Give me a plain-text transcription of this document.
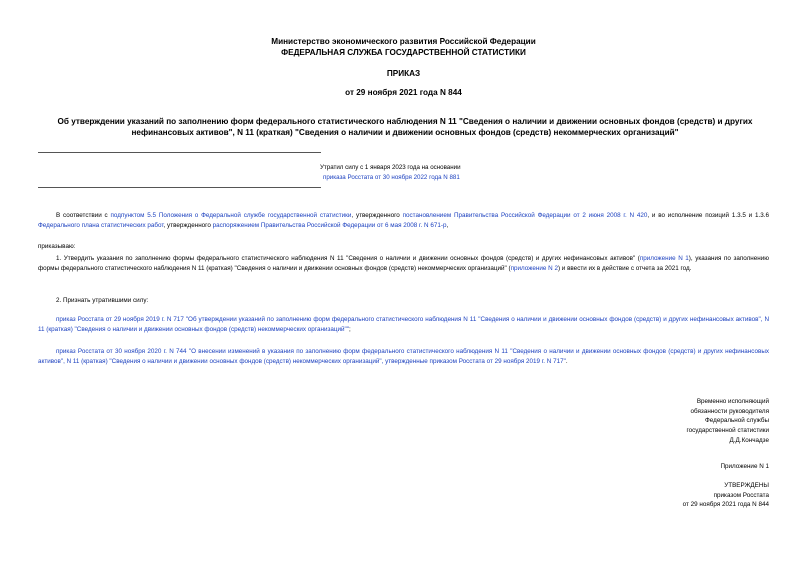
Министерство экономического развития Российской Федерации
ФЕДЕРАЛЬНАЯ СЛУЖБА ГОСУДАРСТВЕННОЙ СТАТИСТИКИ
ПРИКАЗ
от 29 ноября 2021 года N 844
Об утверждении указаний по заполнению форм федерального статистического наблюдения N 11 "Сведения о наличии и движении основных фондов (средств) и других нефинансовых активов", N 11 (краткая) "Сведения о наличии и движении основных фондов (средств) некоммерческих организаций"
Утратил силу с 1 января 2023 года на основании
приказа Росстата от 30 ноября 2022 года N 881
В соответствии с подпунктом 5.5 Положения о Федеральной службе государственной статистики, утвержденного постановлением Правительства Российской Федерации от 2 июня 2008 г. N 420, и во исполнение позиций 1.3.5 и 1.3.6 Федерального плана статистических работ, утвержденного распоряжением Правительства Российской Федерации от 6 мая 2008 г. N 671-р,
приказываю:
1. Утвердить указания по заполнению формы федерального статистического наблюдения N 11 "Сведения о наличии и движении основных фондов (средств) и других нефинансовых активов" (приложение N 1), указания по заполнению формы федерального статистического наблюдения N 11 (краткая) "Сведения о наличии и движении основных фондов (средств) некоммерческих организаций" (приложение N 2) и ввести их в действие с отчета за 2021 год.
2. Признать утратившими силу:
приказ Росстата от 29 ноября 2019 г. N 717 "Об утверждении указаний по заполнению форм федерального статистического наблюдения N 11 "Сведения о наличии и движении основных фондов (средств) и других нефинансовых активов", N 11 (краткая) "Сведения о наличии и движении основных фондов (средств) некоммерческих организаций"";
приказ Росстата от 30 ноября 2020 г. N 744 "О внесении изменений в указания по заполнению форм федерального статистического наблюдения N 11 "Сведения о наличии и движении основных фондов (средств) и других нефинансовых активов", N 11 (краткая) "Сведения о наличии и движении основных фондов (средств) некоммерческих организаций", утвержденные приказом Росстата от 29 ноября 2019 г. N 717".
Временно исполняющий
обязанности руководителя
Федеральной службы
государственной статистики
Д.Д.Кончадзе
Приложение N 1
УТВЕРЖДЕНЫ
приказом Росстата
от 29 ноября 2021 года N 844
